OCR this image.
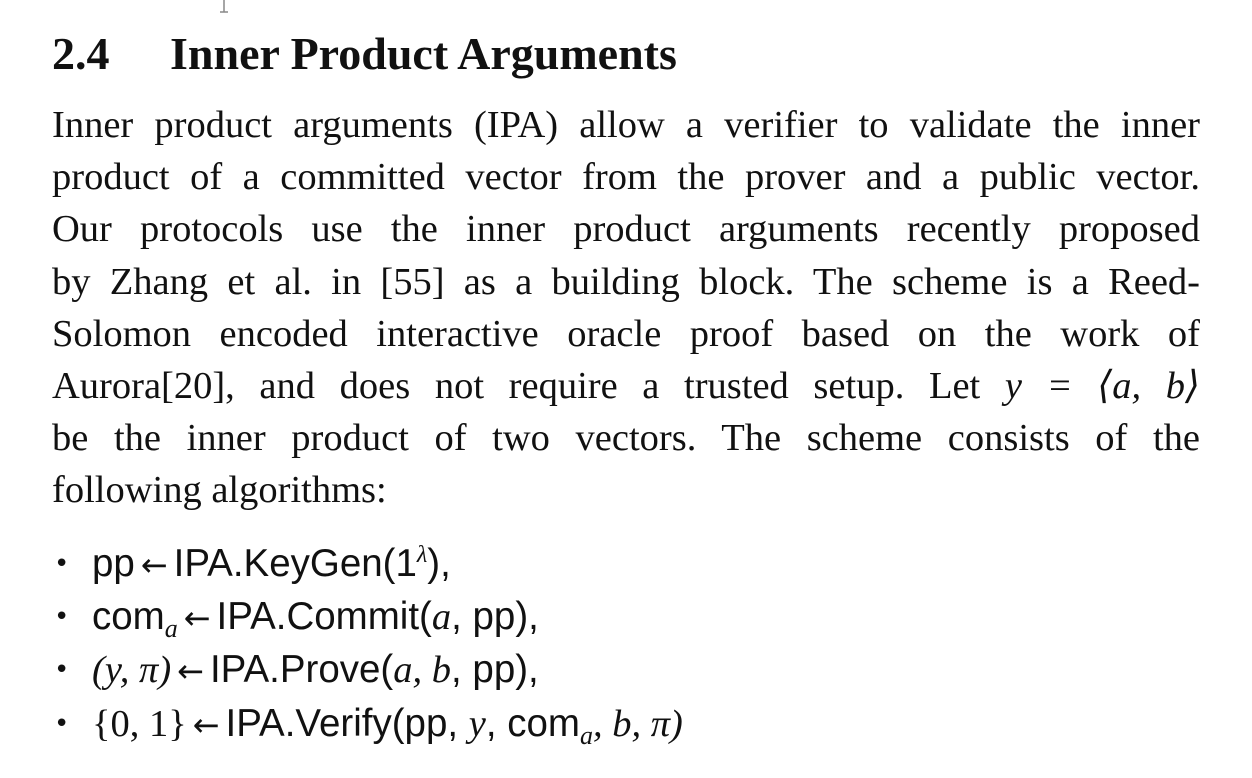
2.4 Inner Product Arguments

Inner product arguments (IPA) allow a verifier to validate the inner
product of a committed vector from the prover and a public vector.
Our protocols use the inner product arguments recently proposed
by Zhang et al. in [55] as a building block. The scheme is a Reed-
Solomon encoded interactive oracle proof based on the work of
Aurora[20], and does not require a trusted setup. Let y = ⟨a, b⟩
be the inner product of two vectors. The scheme consists of the
following algorithms:

• pp ← $IPA.KeyGen(1^\lambda)$,
• com$_a$ ← IPA.Commit(a, pp),
• (y, π) ← IPA.Prove(a, b, pp),
• {0, 1} ← IPA.Verify(pp, y, com$_a$, b, π)
